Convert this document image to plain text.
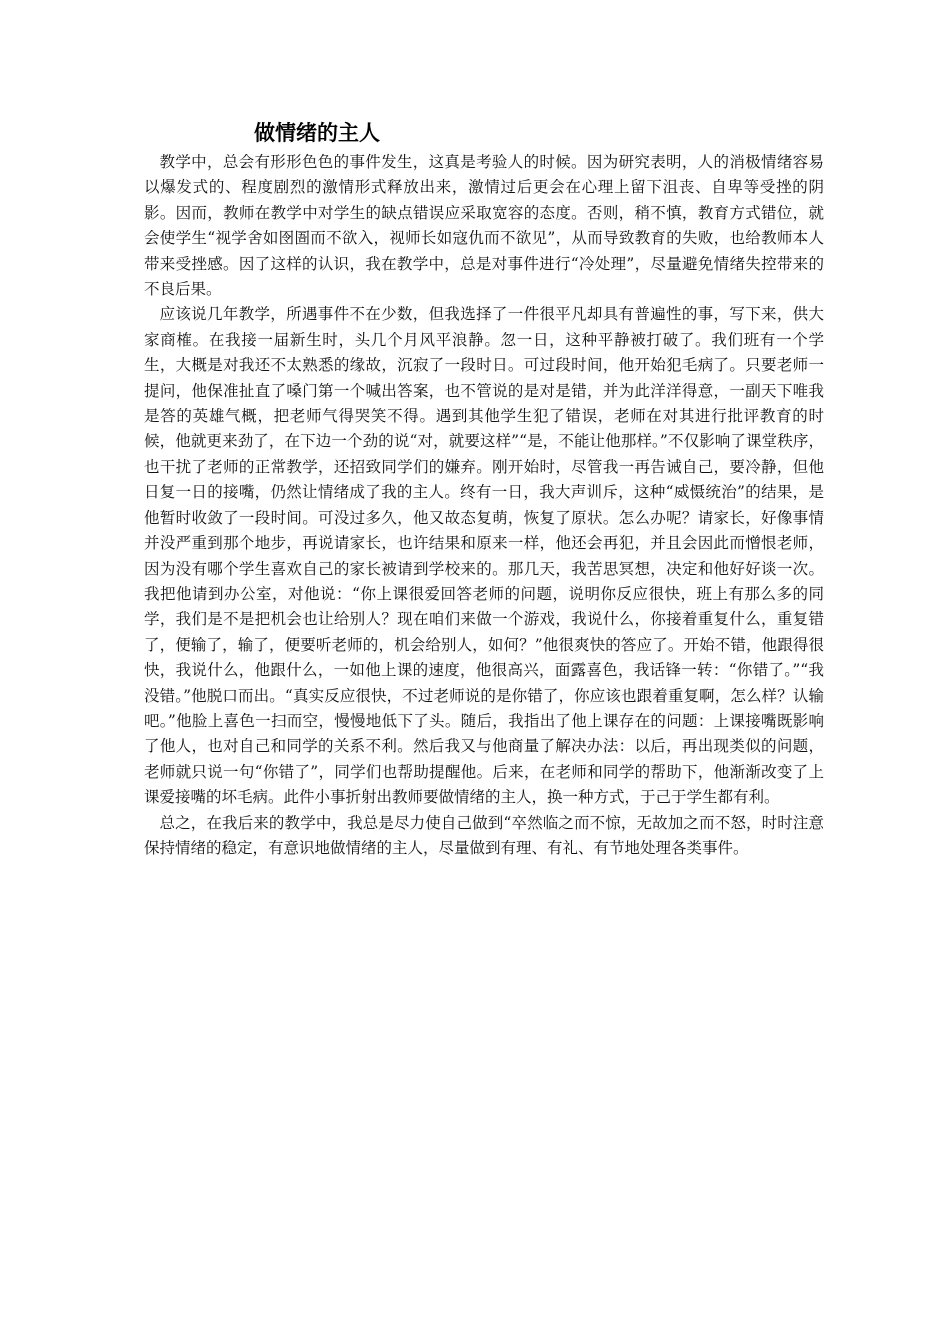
做情绪的主人

教学中，总会有形形色色的事件发生，这真是考验人的时候。因为研究表明，人的消极情绪容易以爆发式的、程度剧烈的激情形式释放出来，激情过后更会在心理上留下沮丧、自卑等受挫的阴影。因而，教师在教学中对学生的缺点错误应采取宽容的态度。否则，稍不慎，教育方式错位，就会使学生“视学舍如囹圄而不欲入，视师长如寇仇而不欲见”，从而导致教育的失败，也给教师本人带来受挫感。因了这样的认识，我在教学中，总是对事件进行“冷处理”，尽量避免情绪失控带来的不良后果。

应该说几年教学，所遇事件不在少数，但我选择了一件很平凡却具有普遍性的事，写下来，供大家商榷。在我接一届新生时，头几个月风平浪静。忽一日，这种平静被打破了。我们班有一个学生，大概是对我还不太熟悉的缘故，沉寂了一段时日。可过段时间，他开始犯毛病了。只要老师一提问，他保准扯直了嗓门第一个喊出答案，也不管说的是对是错，并为此洋洋得意，一副天下唯我是答的英雄气概，把老师气得哭笑不得。遇到其他学生犯了错误，老师在对其进行批评教育的时候，他就更来劲了，在下边一个劲的说“对，就要这样”“是，不能让他那样。”不仅影响了课堂秩序，也干扰了老师的正常教学，还招致同学们的嫌弃。刚开始时，尽管我一再告诫自己，要冷静，但他日复一日的接嘴，仍然让情绪成了我的主人。终有一日，我大声训斥，这种“威慑统治”的结果，是他暂时收敛了一段时间。可没过多久，他又故态复萌，恢复了原状。怎么办呢？请家长，好像事情并没严重到那个地步，再说请家长，也许结果和原来一样，他还会再犯，并且会因此而憎恨老师，因为没有哪个学生喜欢自己的家长被请到学校来的。那几天，我苦思冥想，决定和他好好谈一次。我把他请到办公室，对他说：“你上课很爱回答老师的问题，说明你反应很快，班上有那么多的同学，我们是不是把机会也让给别人？现在咱们来做一个游戏，我说什么，你接着重复什么，重复错了，便输了，输了，便要听老师的，机会给别人，如何？”他很爽快的答应了。开始不错，他跟得很快，我说什么，他跟什么，一如他上课的速度，他很高兴，面露喜色，我话锋一转：“你错了。”“我没错。”他脱口而出。“真实反应很快，不过老师说的是你错了，你应该也跟着重复啊，怎么样？认输吧。”他脸上喜色一扫而空，慢慢地低下了头。随后，我指出了他上课存在的问题：上课接嘴既影响了他人，也对自己和同学的关系不利。然后我又与他商量了解决办法：以后，再出现类似的问题，老师就只说一句“你错了”，同学们也帮助提醒他。后来，在老师和同学的帮助下，他渐渐改变了上课爱接嘴的坏毛病。此件小事折射出教师要做情绪的主人，换一种方式，于己于学生都有利。

总之，在我后来的教学中，我总是尽力使自己做到“卒然临之而不惊，无故加之而不怒，时时注意保持情绪的稳定，有意识地做情绪的主人，尽量做到有理、有礼、有节地处理各类事件。
